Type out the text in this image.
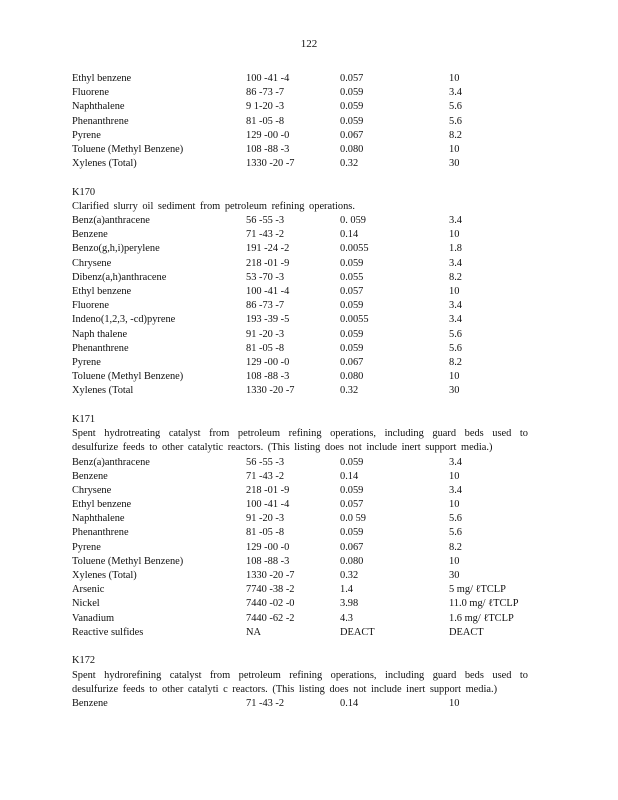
122
Ethyl benzene	100 -41 -4	0.057	10
Fluorene	86 -73 -7	0.059	3.4
Naphthalene	9 1-20 -3	0.059	5.6
Phenanthrene	81 -05 -8	0.059	5.6
Pyrene	129 -00 -0	0.067	8.2
Toluene (Methyl Benzene)	108 -88 -3	0.080	10
Xylenes (Total)	1330 -20 -7	0.32	30
K170
Clarified slurry oil sediment from petroleum refining operations.
Benz(a)anthracene	56 -55 -3	0. 059	3.4
Benzene	71 -43 -2	0.14	10
Benzo(g,h,i)perylene	191 -24 -2	0.0055	1.8
Chrysene	218 -01 -9	0.059	3.4
Dibenz(a,h)anthracene	53 -70 -3	0.055	8.2
Ethyl benzene	100 -41 -4	0.057	10
Fluorene	86 -73 -7	0.059	3.4
Indeno(1,2,3, -cd)pyrene	193 -39 -5	0.0055	3.4
Naph thalene	91 -20 -3	0.059	5.6
Phenanthrene	81 -05 -8	0.059	5.6
Pyrene	129 -00 -0	0.067	8.2
Toluene (Methyl Benzene)	108 -88 -3	0.080	10
Xylenes (Total	1330 -20 -7	0.32	30
K171
Spent hydrotreating catalyst from petroleum refining operations, including guard beds used to desulfurize feeds to other catalytic reactors. (This listing does not include inert support media.)
Benz(a)anthracene	56 -55 -3	0.059	3.4
Benzene	71 -43 -2	0.14	10
Chrysene	218 -01 -9	0.059	3.4
Ethyl benzene	100 -41 -4	0.057	10
Naphthalene	91 -20 -3	0.0 59	5.6
Phenanthrene	81 -05 -8	0.059	5.6
Pyrene	129 -00 -0	0.067	8.2
Toluene (Methyl Benzene)	108 -88 -3	0.080	10
Xylenes (Total)	1330 -20 -7	0.32	30
Arsenic	7740 -38 -2	1.4	5 mg/ ℓTCLP
Nickel	7440 -02 -0	3.98	11.0 mg/ ℓTCLP
Vanadium	7440 -62 -2	4.3	1.6 mg/ ℓTCLP
Reactive sulfides	NA	DEACT	DEACT
K172
Spent hydrorefining catalyst from petroleum refining operations, including guard beds used to desulfurize feeds to other catalyti c reactors. (This listing does not include inert support media.)
Benzene	71 -43 -2	0.14	10
